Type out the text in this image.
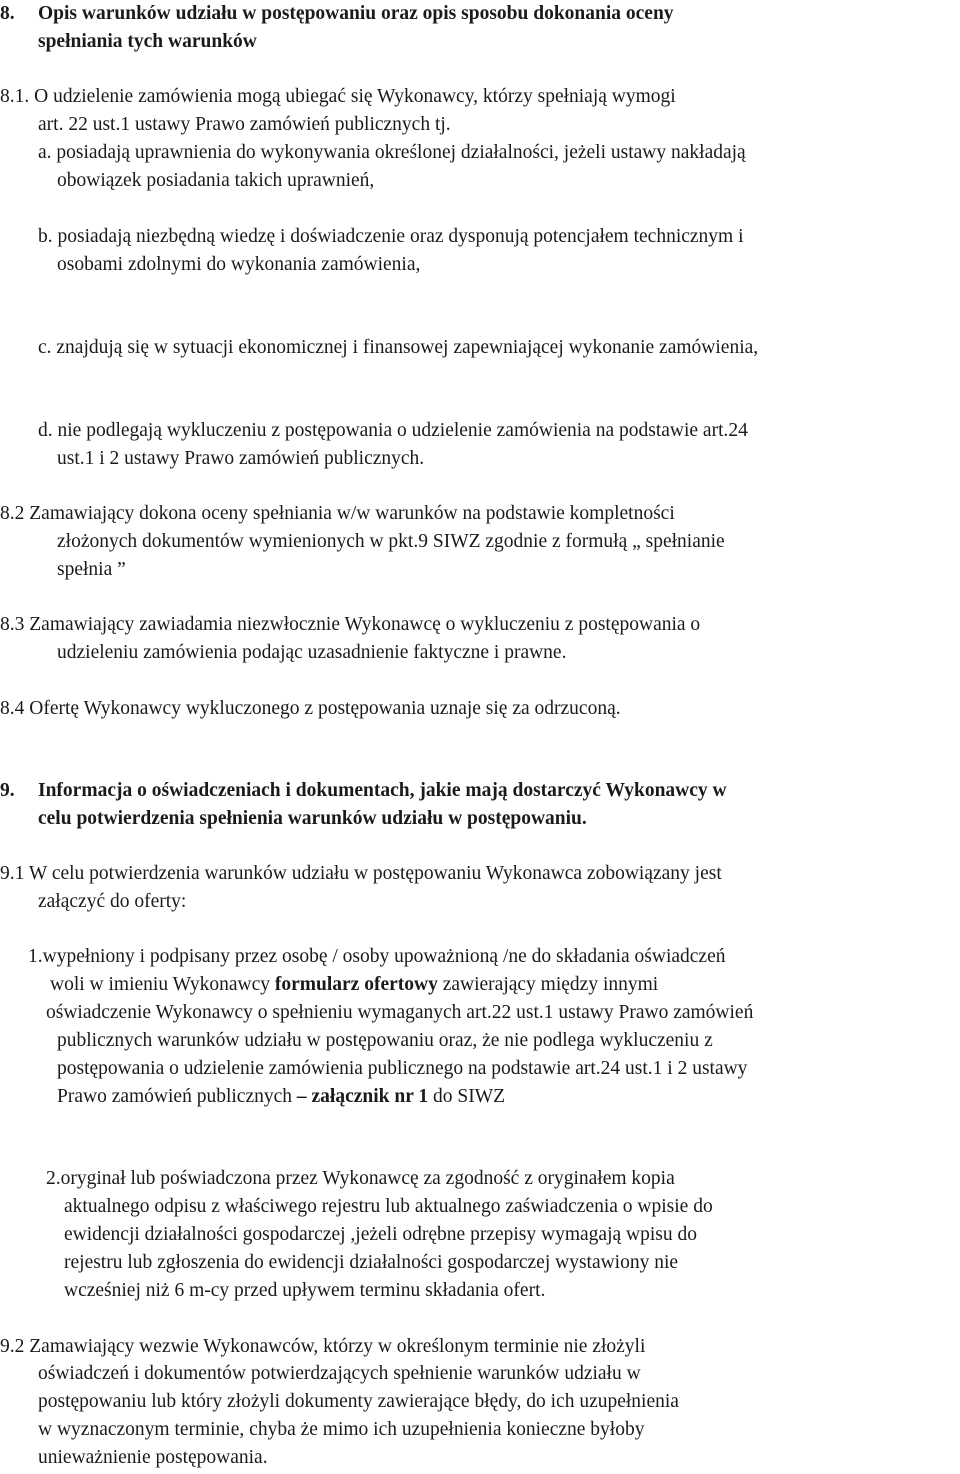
8. Opis warunków udziału w postępowaniu oraz opis sposobu dokonania oceny
spełniania tych warunków
8.1. O udzielenie zamówienia mogą ubiegać się Wykonawcy, którzy spełniają wymogi
art. 22 ust.1 ustawy Prawo zamówień publicznych tj.
a. posiadają uprawnienia do wykonywania określonej działalności, jeżeli ustawy nakładają
obowiązek posiadania takich uprawnień,
b. posiadają niezbędną wiedzę i doświadczenie oraz dysponują potencjałem technicznym i
osobami zdolnymi do wykonania zamówienia,
c. znajdują się w sytuacji ekonomicznej i finansowej zapewniającej wykonanie zamówienia,
d. nie podlegają wykluczeniu z postępowania o udzielenie zamówienia na podstawie art.24
ust.1 i 2 ustawy Prawo zamówień publicznych.
8.2 Zamawiający dokona oceny spełniania w/w warunków na podstawie kompletności
złożonych dokumentów wymienionych w pkt.9 SIWZ zgodnie z formułą „ spełnianie
spełnia ”
8.3 Zamawiający zawiadamia niezwłocznie Wykonawcę o wykluczeniu z postępowania o
udzieleniu zamówienia podając uzasadnienie faktyczne i prawne.
8.4 Ofertę Wykonawcy wykluczonego z postępowania uznaje się za odrzuconą.
9. Informacja o oświadczeniach i dokumentach, jakie mają dostarczyć Wykonawcy w
celu potwierdzenia spełnienia warunków udziału w postępowaniu.
9.1 W celu potwierdzenia warunków udziału w postępowaniu Wykonawca zobowiązany jest
załączyć do oferty:
1.wypełniony i podpisany przez osobę / osoby upoważnioną /ne do składania oświadczeń
woli w imieniu Wykonawcy formularz ofertowy zawierający między innymi
oświadczenie Wykonawcy o spełnieniu wymaganych art.22 ust.1 ustawy Prawo zamówień
publicznych warunków udziału w postępowaniu oraz, że nie podlega wykluczeniu z
postępowania o udzielenie zamówienia publicznego na podstawie art.24 ust.1 i 2 ustawy
Prawo zamówień publicznych – załącznik nr 1 do SIWZ
2.oryginał lub poświadczona przez Wykonawcę za zgodność z oryginałem kopia
aktualnego odpisu z właściwego rejestru lub aktualnego zaświadczenia o wpisie do
ewidencji działalności gospodarczej ,jeżeli odrębne przepisy wymagają wpisu do
rejestru lub zgłoszenia do ewidencji działalności gospodarczej wystawiony nie
wcześniej niż 6 m-cy przed upływem terminu składania ofert.
9.2 Zamawiający wezwie Wykonawców, którzy w określonym terminie nie złożyli
oświadczeń i dokumentów potwierdzających spełnienie warunków udziału w
postępowaniu lub który złożyli dokumenty zawierające błędy, do ich uzupełnienia
w wyznaczonym terminie, chyba że mimo ich uzupełnienia konieczne byłoby
unieważnienie postępowania.
